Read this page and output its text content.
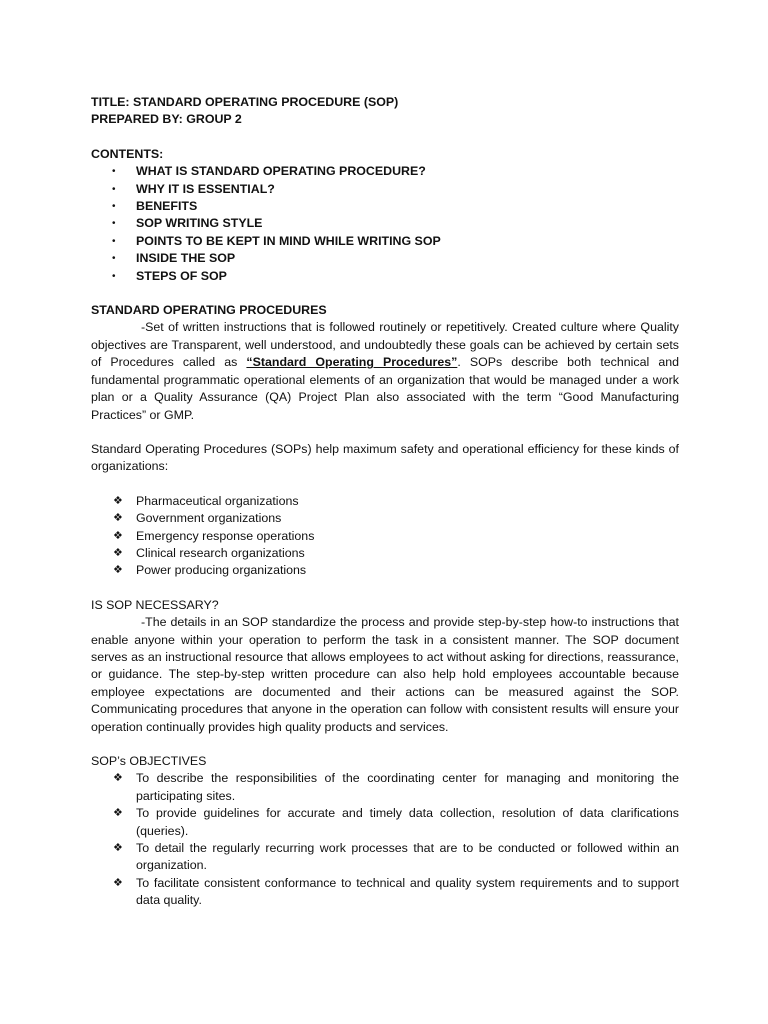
TITLE: STANDARD OPERATING PROCEDURE (SOP)

PREPARED BY: GROUP 2

CONTENTS:

• WHAT IS STANDARD OPERATING PROCEDURE?
• WHY IT IS ESSENTIAL?
• BENEFITS
• SOP WRITING STYLE
• POINTS TO BE KEPT IN MIND WHILE WRITING SOP
• INSIDE THE SOP
• STEPS OF SOP

STANDARD OPERATING PROCEDURES

-Set of written instructions that is followed routinely or repetitively. Created culture where Quality objectives are Transparent, well understood, and undoubtedly these goals can be achieved by certain sets of Procedures called as “Standard Operating Procedures”. SOPs describe both technical and fundamental programmatic operational elements of an organization that would be managed under a work plan or a Quality Assurance (QA) Project Plan also associated with the term “Good Manufacturing Practices” or GMP.

Standard Operating Procedures (SOPs) help maximum safety and operational efficiency for these kinds of organizations:

❖ Pharmaceutical organizations
❖ Government organizations
❖ Emergency response operations
❖ Clinical research organizations
❖ Power producing organizations

IS SOP NECESSARY?

-The details in an SOP standardize the process and provide step-by-step how-to instructions that enable anyone within your operation to perform the task in a consistent manner. The SOP document serves as an instructional resource that allows employees to act without asking for directions, reassurance, or guidance. The step-by-step written procedure can also help hold employees accountable because employee expectations are documented and their actions can be measured against the SOP. Communicating procedures that anyone in the operation can follow with consistent results will ensure your operation continually provides high quality products and services.

SOP’s OBJECTIVES

❖ To describe the responsibilities of the coordinating center for managing and monitoring the participating sites.
❖ To provide guidelines for accurate and timely data collection, resolution of data clarifications (queries).
❖ To detail the regularly recurring work processes that are to be conducted or followed within an organization.
❖ To facilitate consistent conformance to technical and quality system requirements and to support data quality.
